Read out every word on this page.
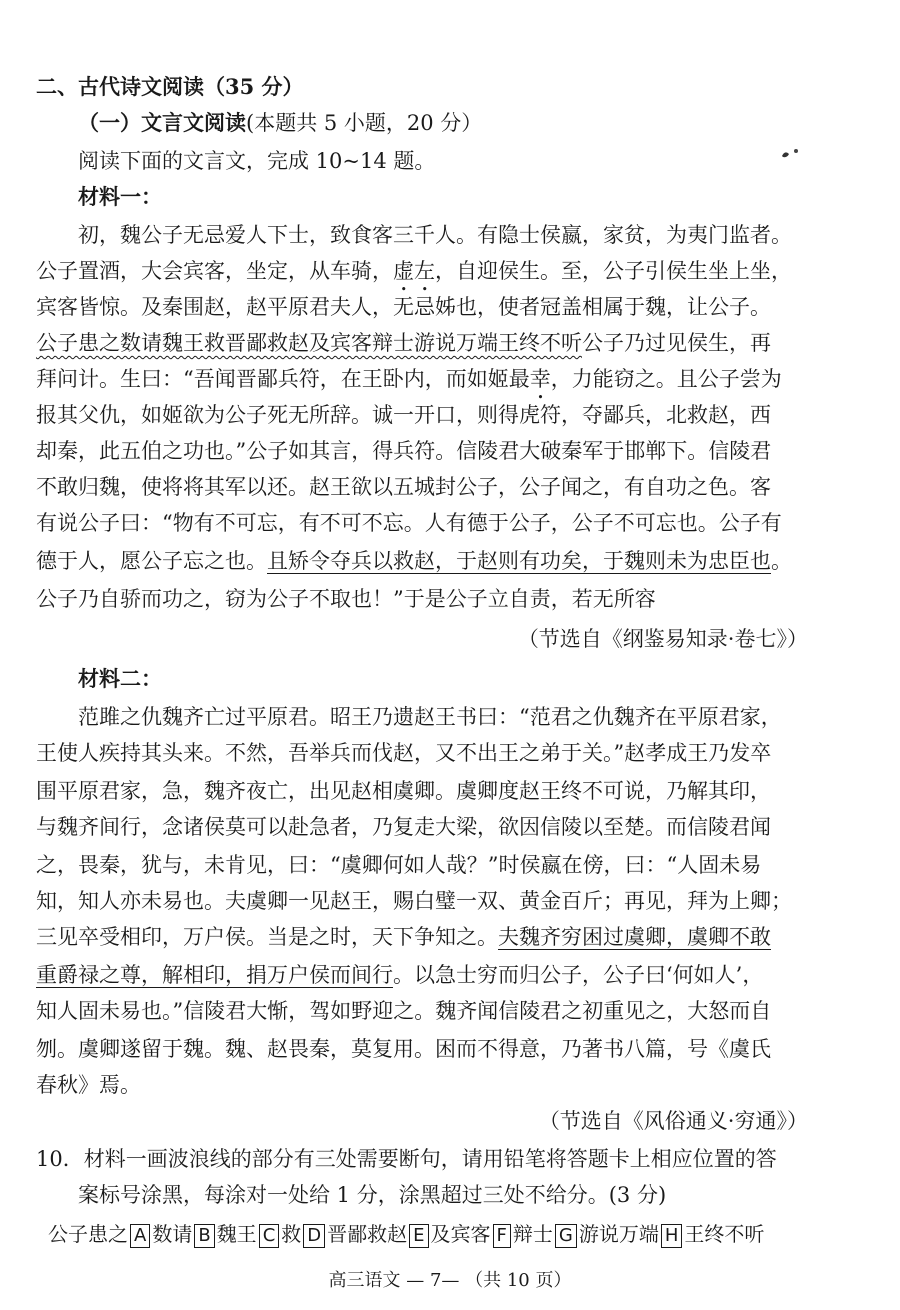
二、古代诗文阅读（35 分）
（一）文言文阅读(本题共 5 小题，20 分）
阅读下面的文言文，完成 10~14 题。
材料一：
初，魏公子无忌爱人下士，致食客三千人。有隐士侯嬴，家贫，为夷门监者。
公子置酒，大会宾客，坐定，从车骑，虚左，自迎侯生。至，公子引侯生坐上坐，
宾客皆惊。及秦围赵，赵平原君夫人，无忌姊也，使者冠盖相属于魏，让公子。
公子患之数请魏王救晋鄙救赵及宾客辩士游说万端王终不听公子乃过见侯生，再
拜问计。生曰：“吾闻晋鄙兵符，在王卧内，而如姬最幸，力能窃之。且公子尝为
报其父仇，如姬欲为公子死无所辞。诚一开口，则得虎符，夺鄙兵，北救赵，西
却秦，此五伯之功也。”公子如其言，得兵符。信陵君大破秦军于邯郸下。信陵君
不敢归魏，使将将其军以还。赵王欲以五城封公子，公子闻之，有自功之色。客
有说公子曰：“物有不可忘，有不可不忘。人有德于公子，公子不可忘也。公子有
德于人，愿公子忘之也。且矫令夺兵以救赵，于赵则有功矣，于魏则未为忠臣也。
公子乃自骄而功之，窃为公子不取也！”于是公子立自责，若无所容
（节选自《纲鉴易知录·卷七》）
材料二：
范雎之仇魏齐亡过平原君。昭王乃遗赵王书曰：“范君之仇魏齐在平原君家，
王使人疾持其头来。不然，吾举兵而伐赵，又不出王之弟于关。”赵孝成王乃发卒
围平原君家，急，魏齐夜亡，出见赵相虞卿。虞卿度赵王终不可说，乃解其印，
与魏齐间行，念诸侯莫可以赴急者，乃复走大梁，欲因信陵以至楚。而信陵君闻
之，畏秦，犹与，未肯见，曰：“虞卿何如人哉？”时侯嬴在傍，曰：“人固未易
知，知人亦未易也。夫虞卿一见赵王，赐白璧一双、黄金百斤；再见，拜为上卿；
三见卒受相印，万户侯。当是之时，天下争知之。夫魏齐穷困过虞卿，虞卿不敢
重爵禄之尊，解相印，捐万户侯而间行。以急士穷而归公子，公子曰‘何如人’，
知人固未易也。”信陵君大惭，驾如野迎之。魏齐闻信陵君之初重见之，大怒而自
刎。虞卿遂留于魏。魏、赵畏秦，莫复用。困而不得意，乃著书八篇，号《虞氏
春秋》焉。
（节选自《风俗通义·穷通》）
10．材料一画波浪线的部分有三处需要断句，请用铅笔将答题卡上相应位置的答
案标号涂黑，每涂对一处给 1 分，涂黑超过三处不给分。(3 分)
公子患之 A 数请 B 魏王 C 救 D 晋鄙救赵 E 及宾客 F 辩士 G 游说万端 H 王终不听
高三语文 — 7— （共 10 页）
